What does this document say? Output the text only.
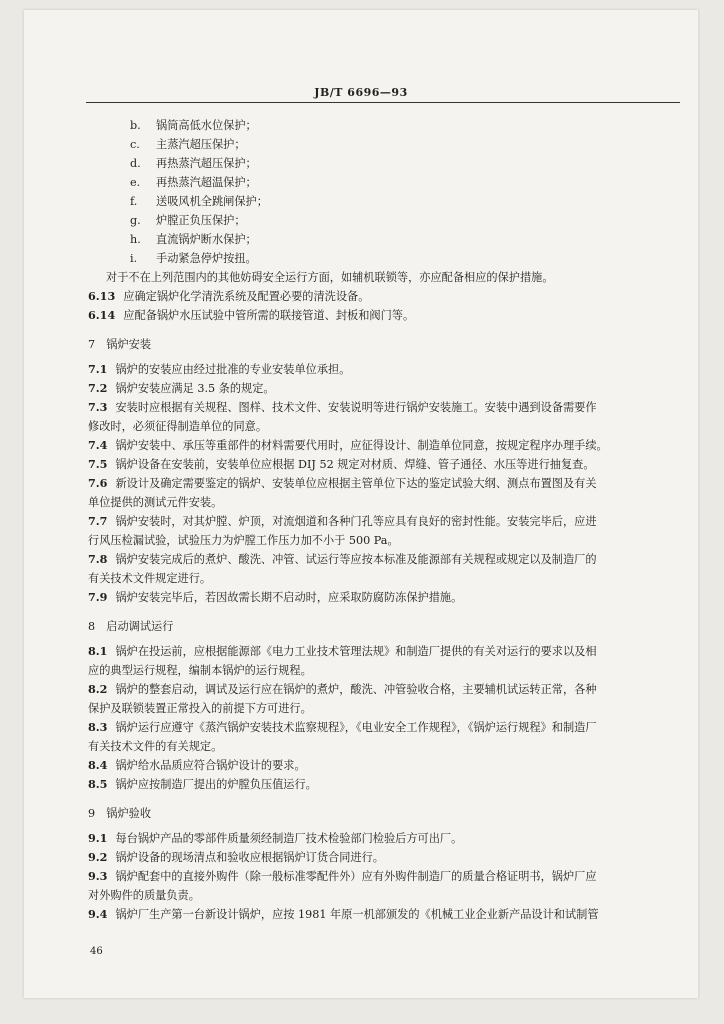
JB/T 6696—93
b. 锅筒高低水位保护；
c. 主蒸汽超压保护；
d. 再热蒸汽超压保护；
e. 再热蒸汽超温保护；
f. 送吸风机全跳闸保护；
g. 炉膛正负压保护；
h. 直流锅炉断水保护；
i. 手动紧急停炉按扭。
对于不在上列范围内的其他妨碍安全运行方面，如辅机联锁等，亦应配备相应的保护措施。
6.13 应确定锅炉化学清洗系统及配置必要的清洗设备。
6.14 应配备锅炉水压试验中管所需的联接管道、封板和阀门等。
7　锅炉安装
7.1 锅炉的安装应由经过批准的专业安装单位承担。
7.2 锅炉安装应满足 3.5 条的规定。
7.3 安装时应根据有关规程、图样、技术文件、安装说明等进行锅炉安装施工。安装中遇到设备需要作
修改时，必须征得制造单位的同意。
7.4 锅炉安装中、承压等重部件的材料需要代用时，应征得设计、制造单位同意，按规定程序办理手续。
7.5 锅炉设备在安装前，安装单位应根据 DIJ 52 规定对材质、焊缝、管子通径、水压等进行抽复查。
7.6 新设计及确定需要鉴定的锅炉、安装单位应根据主管单位下达的鉴定试验大纲、测点布置图及有关
单位提供的测试元件安装。
7.7 锅炉安装时，对其炉膛、炉顶，对流烟道和各种门孔等应具有良好的密封性能。安装完毕后，应进
行风压检漏试验，试验压力为炉膛工作压力加不小于 500 Pa。
7.8 锅炉安装完成后的煮炉、酸洗、冲管、试运行等应按本标准及能源部有关规程或规定以及制造厂的
有关技术文件规定进行。
7.9 锅炉安装完毕后，若因故需长期不启动时，应采取防腐防冻保护措施。
8　启动调试运行
8.1 锅炉在投运前，应根据能源部《电力工业技术管理法规》和制造厂提供的有关对运行的要求以及相
应的典型运行规程，编制本锅炉的运行规程。
8.2 锅炉的整套启动，调试及运行应在锅炉的煮炉，酸洗、冲管验收合格，主要辅机试运转正常，各种
保护及联锁装置正常投入的前提下方可进行。
8.3 锅炉运行应遵守《蒸汽锅炉安装技术监察规程》，《电业安全工作规程》，《锅炉运行规程》和制造厂
有关技术文件的有关规定。
8.4 锅炉给水品质应符合锅炉设计的要求。
8.5 锅炉应按制造厂提出的炉膛负压值运行。
9　锅炉验收
9.1 每台锅炉产品的零部件质量须经制造厂技术检验部门检验后方可出厂。
9.2 锅炉设备的现场清点和验收应根据锅炉订货合同进行。
9.3 锅炉配套中的直接外购件（除一般标准零配件外）应有外购件制造厂的质量合格证明书，锅炉厂应
对外购件的质量负责。
9.4 锅炉厂生产第一台新设计锅炉，应按 1981 年原一机部颁发的《机械工业企业新产品设计和试制管
46
